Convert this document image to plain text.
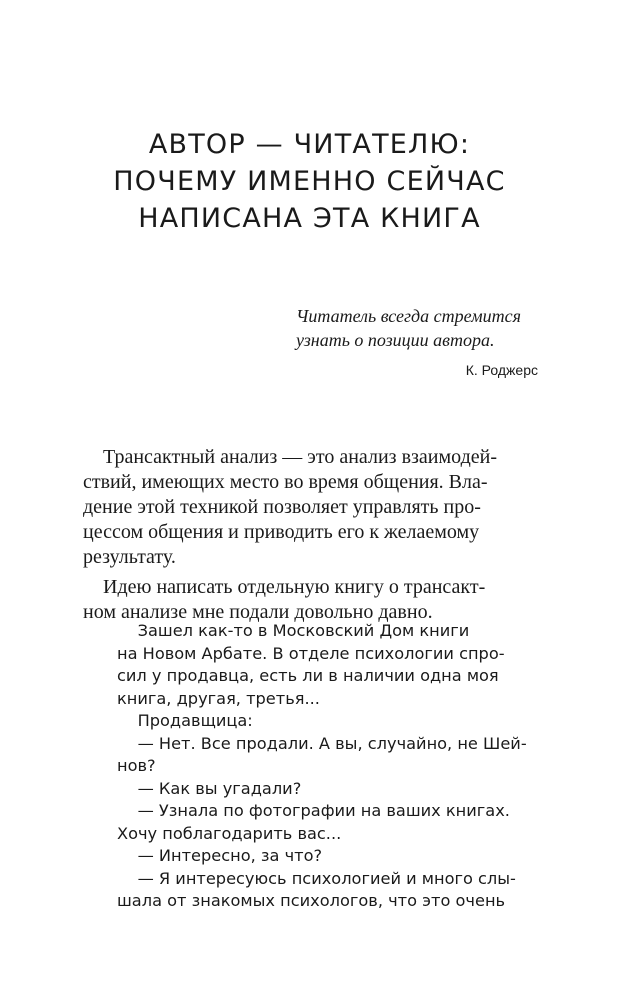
АВТОР — ЧИТАТЕЛЮ:
ПОЧЕМУ ИМЕННО СЕЙЧАС
НАПИСАНА ЭТА КНИГА

Читатель всегда стремится
узнать о позиции автора.

К. Роджерс

Трансактный анализ — это анализ взаимодей-
ствий, имеющих место во время общения. Вла-
дение этой техникой позволяет управлять про-
цессом общения и приводить его к желаемому
результату.

Идею написать отдельную книгу о трансакт-
ном анализе мне подали довольно давно.

Зашел как-то в Московский Дом книги
на Новом Арбате. В отделе психологии спро-
сил у продавца, есть ли в наличии одна моя
книга, другая, третья...
Продавщица:
— Нет. Все продали. А вы, случайно, не Шей-
нов?
— Как вы угадали?
— Узнала по фотографии на ваших книгах.
Хочу поблагодарить вас...
— Интересно, за что?
— Я интересуюсь психологией и много слы-
шала от знакомых психологов, что это очень
